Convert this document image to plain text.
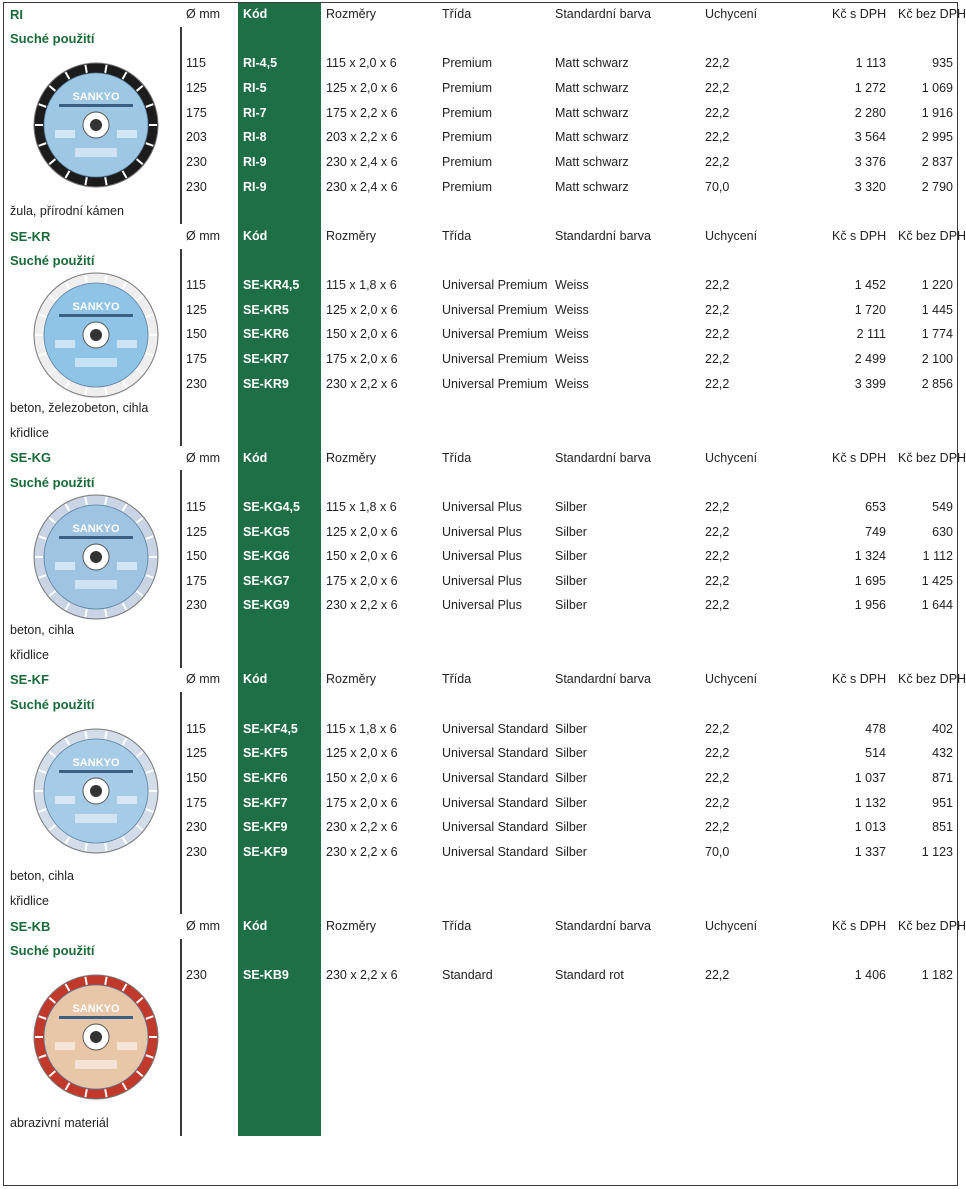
RI	Ø mm	Kód	Rozměry	Třída	Standardní barva	Uchycení	Kč s DPH	Kč bez DPH
Suché použití								
	115	RI-4,5	115 x 2,0 x 6	Premium	Matt schwarz	22,2	1 113	935
	125	RI-5	125 x 2,0 x 6	Premium	Matt schwarz	22,2	1 272	1 069
	175	RI-7	175 x 2,2 x 6	Premium	Matt schwarz	22,2	2 280	1 916
	203	RI-8	203 x 2,2 x 6	Premium	Matt schwarz	22,2	3 564	2 995
	230	RI-9	230 x 2,4 x 6	Premium	Matt schwarz	22,2	3 376	2 837
	230	RI-9	230 x 2,4 x 6	Premium	Matt schwarz	70,0	3 320	2 790
žula, přírodní kámen								
SE-KR	Ø mm	Kód	Rozměry	Třída	Standardní barva	Uchycení	Kč s DPH	Kč bez DPH
Suché použití								
	115	SE-KR4,5	115 x 1,8 x 6	Universal Premium	Weiss	22,2	1 452	1 220
	125	SE-KR5	125 x 2,0 x 6	Universal Premium	Weiss	22,2	1 720	1 445
	150	SE-KR6	150 x 2,0 x 6	Universal Premium	Weiss	22,2	2 111	1 774
	175	SE-KR7	175 x 2,0 x 6	Universal Premium	Weiss	22,2	2 499	2 100
	230	SE-KR9	230 x 2,2 x 6	Universal Premium	Weiss	22,2	3 399	2 856
beton, železobeton, cihla								
křidlice								
SE-KG	Ø mm	Kód	Rozměry	Třída	Standardní barva	Uchycení	Kč s DPH	Kč bez DPH
Suché použití								
	115	SE-KG4,5	115 x 1,8 x 6	Universal Plus	Silber	22,2	653	549
	125	SE-KG5	125 x 2,0 x 6	Universal Plus	Silber	22,2	749	630
	150	SE-KG6	150 x 2,0 x 6	Universal Plus	Silber	22,2	1 324	1 112
	175	SE-KG7	175 x 2,0 x 6	Universal Plus	Silber	22,2	1 695	1 425
	230	SE-KG9	230 x 2,2 x 6	Universal Plus	Silber	22,2	1 956	1 644
beton, cihla								
křidlice								
SE-KF	Ø mm	Kód	Rozměry	Třída	Standardní barva	Uchycení	Kč s DPH	Kč bez DPH
Suché použití								
	115	SE-KF4,5	115 x 1,8 x 6	Universal Standard	Silber	22,2	478	402
	125	SE-KF5	125 x 2,0 x 6	Universal Standard	Silber	22,2	514	432
	150	SE-KF6	150 x 2,0 x 6	Universal Standard	Silber	22,2	1 037	871
	175	SE-KF7	175 x 2,0 x 6	Universal Standard	Silber	22,2	1 132	951
	230	SE-KF9	230 x 2,2 x 6	Universal Standard	Silber	22,2	1 013	851
	230	SE-KF9	230 x 2,2 x 6	Universal Standard	Silber	70,0	1 337	1 123
beton, cihla								
křidlice								
SE-KB	Ø mm	Kód	Rozměry	Třída	Standardní barva	Uchycení	Kč s DPH	Kč bez DPH
Suché použití								
	230	SE-KB9	230 x 2,2 x 6	Standard	Standard rot	22,2	1 406	1 182

abrazivní materiál								
SANKYO
SANKYO
SANKYO
SANKYO
SANKYO
